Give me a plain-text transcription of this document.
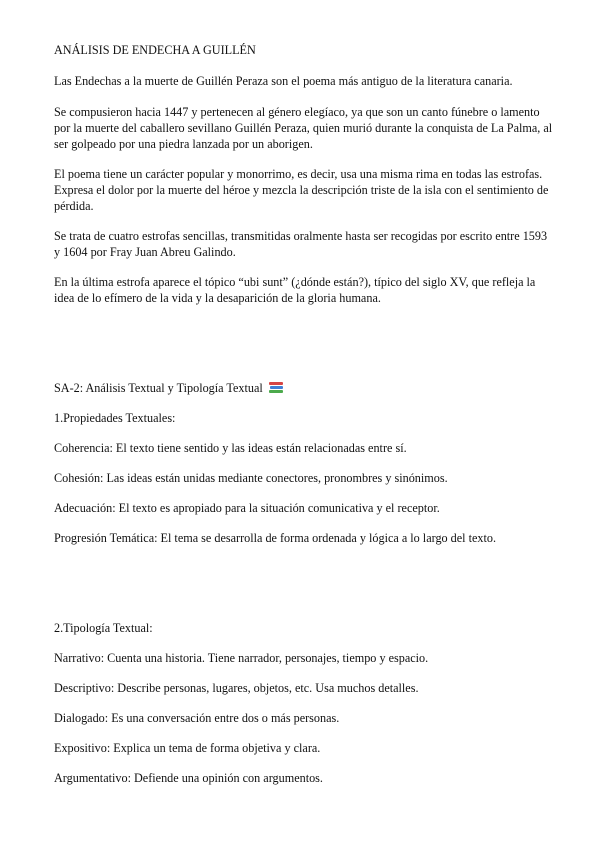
ANÁLISIS DE ENDECHA A GUILLÉN

Las Endechas a la muerte de Guillén Peraza son el poema más antiguo de la literatura canaria.

Se compusieron hacia 1447 y pertenecen al género elegíaco, ya que son un canto fúnebre o lamento

por la muerte del caballero sevillano Guillén Peraza, quien murió durante la conquista de La Palma, al

ser golpeado por una piedra lanzada por un aborigen.

El poema tiene un carácter popular y monorrimo, es decir, usa una misma rima en todas las estrofas.

Expresa el dolor por la muerte del héroe y mezcla la descripción triste de la isla con el sentimiento de

pérdida.

Se trata de cuatro estrofas sencillas, transmitidas oralmente hasta ser recogidas por escrito entre 1593

y 1604 por Fray Juan Abreu Galindo.

En la última estrofa aparece el tópico “ubi sunt” (¿dónde están?), típico del siglo XV, que refleja la

idea de lo efímero de la vida y la desaparición de la gloria humana.

SA-2: Análisis Textual y Tipología Textual

1.Propiedades Textuales:

Coherencia: El texto tiene sentido y las ideas están relacionadas entre sí.

Cohesión: Las ideas están unidas mediante conectores, pronombres y sinónimos.

Adecuación: El texto es apropiado para la situación comunicativa y el receptor.

Progresión Temática: El tema se desarrolla de forma ordenada y lógica a lo largo del texto.

2.Tipología Textual:

Narrativo: Cuenta una historia. Tiene narrador, personajes, tiempo y espacio.

Descriptivo: Describe personas, lugares, objetos, etc. Usa muchos detalles.

Dialogado: Es una conversación entre dos o más personas.

Expositivo: Explica un tema de forma objetiva y clara.

Argumentativo: Defiende una opinión con argumentos.
